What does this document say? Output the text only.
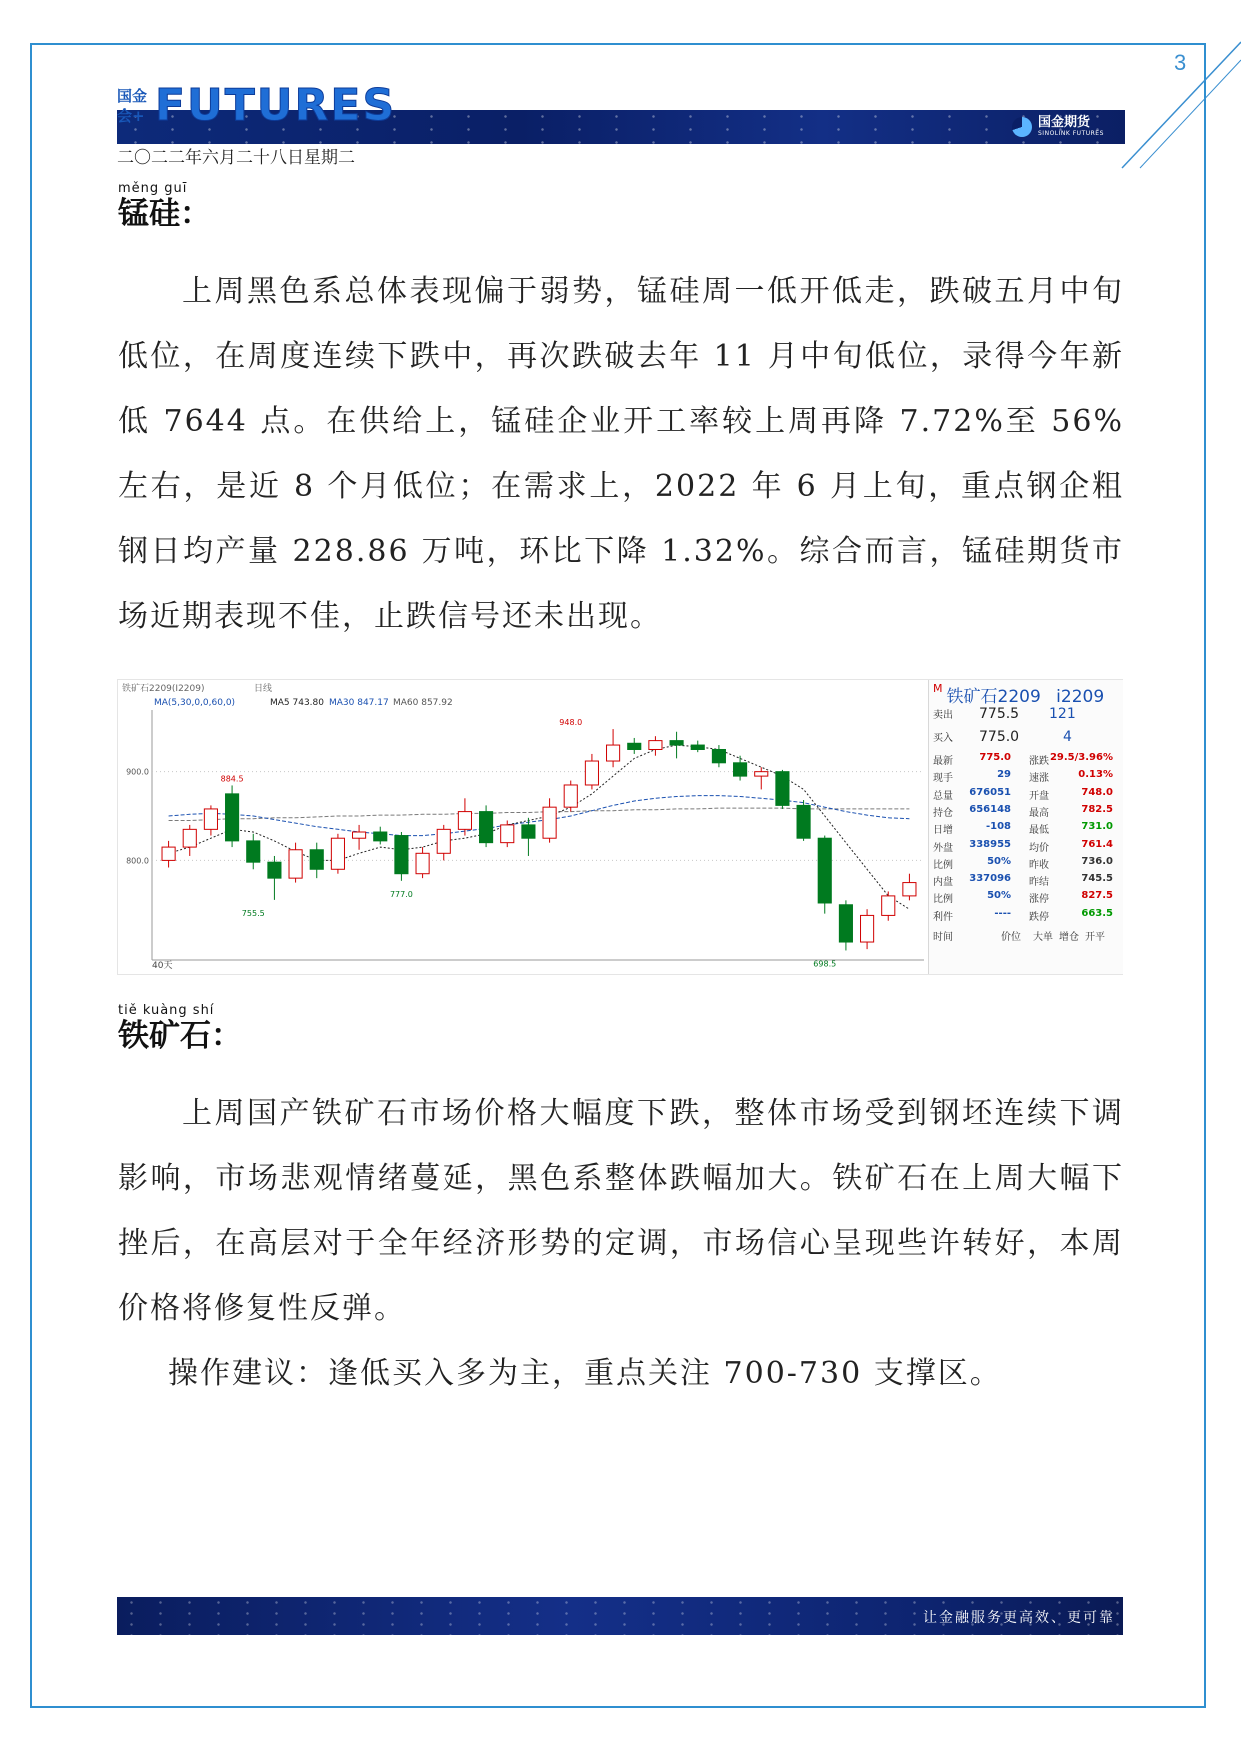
3
国金会+ FUTURES	国金期货
SINOLINK FUTURES
二〇二二年六月二十八日星期二
měng guī
锰硅：

上周黑色系总体表现偏于弱势，锰硅周一低开低走，跌破五月中旬低位，在周度连续下跌中，再次跌破去年 11 月中旬低位，录得今年新低 7644 点。在供给上，锰硅企业开工率较上周再降 7.72%至 56%左右，是近 8 个月低位；在需求上，2022 年 6 月上旬，重点钢企粗钢日均产量 228.86 万吨，环比下降 1.32%。综合而言，锰硅期货市场近期表现不佳，止跌信号还未出现。

铁矿石2209(I2209)	日线
MA(5,30,0,0,60,0)	MA5 743.80 MA30 847.17 MA60 857.92
40天
900.0
800.0
948.0
884.5
755.5
777.0
698.5
$^M$ 铁矿石2209 i2209
卖出 775.5 121
买入 775.0	4
最新	775.0 涨跌 29.5/3.96%
现手	29 速涨	0.13%
总量 676051 开盘	748.0
持仓 656148 最高	782.5
日增	-108 最低	731.0
外盘 338955 均价	761.4
比例	50% 昨收	736.0
内盘 337096 昨结	745.5
比例	50% 涨停	827.5
利件	---- 跌停	663.5
时间	价位 大单 增仓 开平
tiě kuàng shí
铁矿石：

上周国产铁矿石市场价格大幅度下跌，整体市场受到钢坯连续下调影响，市场悲观情绪蔓延，黑色系整体跌幅加大。铁矿石在上周大幅下挫后，在高层对于全年经济形势的定调，市场信心呈现些许转好，本周价格将修复性反弹。

操作建议：逢低买入多为主，重点关注 700-730 支撑区。

让金融服务更高效、更可靠
